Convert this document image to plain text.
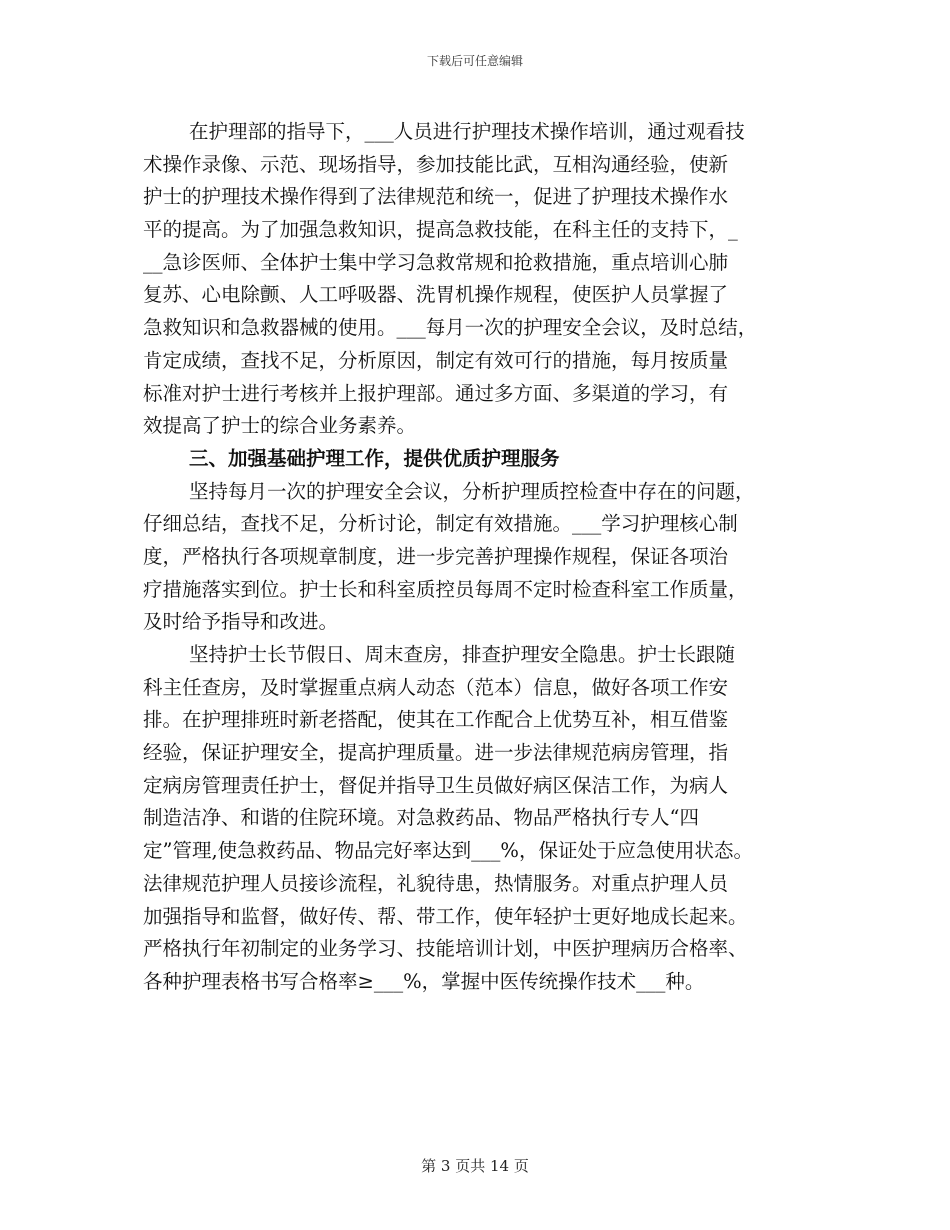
下载后可任意编辑
在护理部的指导下，___人员进行护理技术操作培训，通过观看技
术操作录像、示范、现场指导，参加技能比武，互相沟通经验，使新
护士的护理技术操作得到了法律规范和统一，促进了护理技术操作水
平的提高。为了加强急救知识，提高急救技能，在科主任的支持下，_
__急诊医师、全体护士集中学习急救常规和抢救措施，重点培训心肺
复苏、心电除颤、人工呼吸器、洗胃机操作规程，使医护人员掌握了
急救知识和急救器械的使用。___每月一次的护理安全会议，及时总结，
肯定成绩，查找不足，分析原因，制定有效可行的措施，每月按质量
标准对护士进行考核并上报护理部。通过多方面、多渠道的学习，有
效提高了护士的综合业务素养。
三、加强基础护理工作，提供优质护理服务
坚持每月一次的护理安全会议，分析护理质控检查中存在的问题，
仔细总结，查找不足，分析讨论，制定有效措施。___学习护理核心制
度，严格执行各项规章制度，进一步完善护理操作规程，保证各项治
疗措施落实到位。护士长和科室质控员每周不定时检查科室工作质量，
及时给予指导和改进。
坚持护士长节假日、周末查房，排查护理安全隐患。护士长跟随
科主任查房，及时掌握重点病人动态（范本）信息，做好各项工作安
排。在护理排班时新老搭配，使其在工作配合上优势互补，相互借鉴
经验，保证护理安全，提高护理质量。进一步法律规范病房管理，指
定病房管理责任护士，督促并指导卫生员做好病区保洁工作，为病人
制造洁净、和谐的住院环境。对急救药品、物品严格执行专人“四
定”管理,使急救药品、物品完好率达到___%，保证处于应急使用状态。
法律规范护理人员接诊流程，礼貌待患，热情服务。对重点护理人员
加强指导和监督，做好传、帮、带工作，使年轻护士更好地成长起来。
严格执行年初制定的业务学习、技能培训计划，中医护理病历合格率、
各种护理表格书写合格率≥___%，掌握中医传统操作技术___种。
第 3 页共 14 页
